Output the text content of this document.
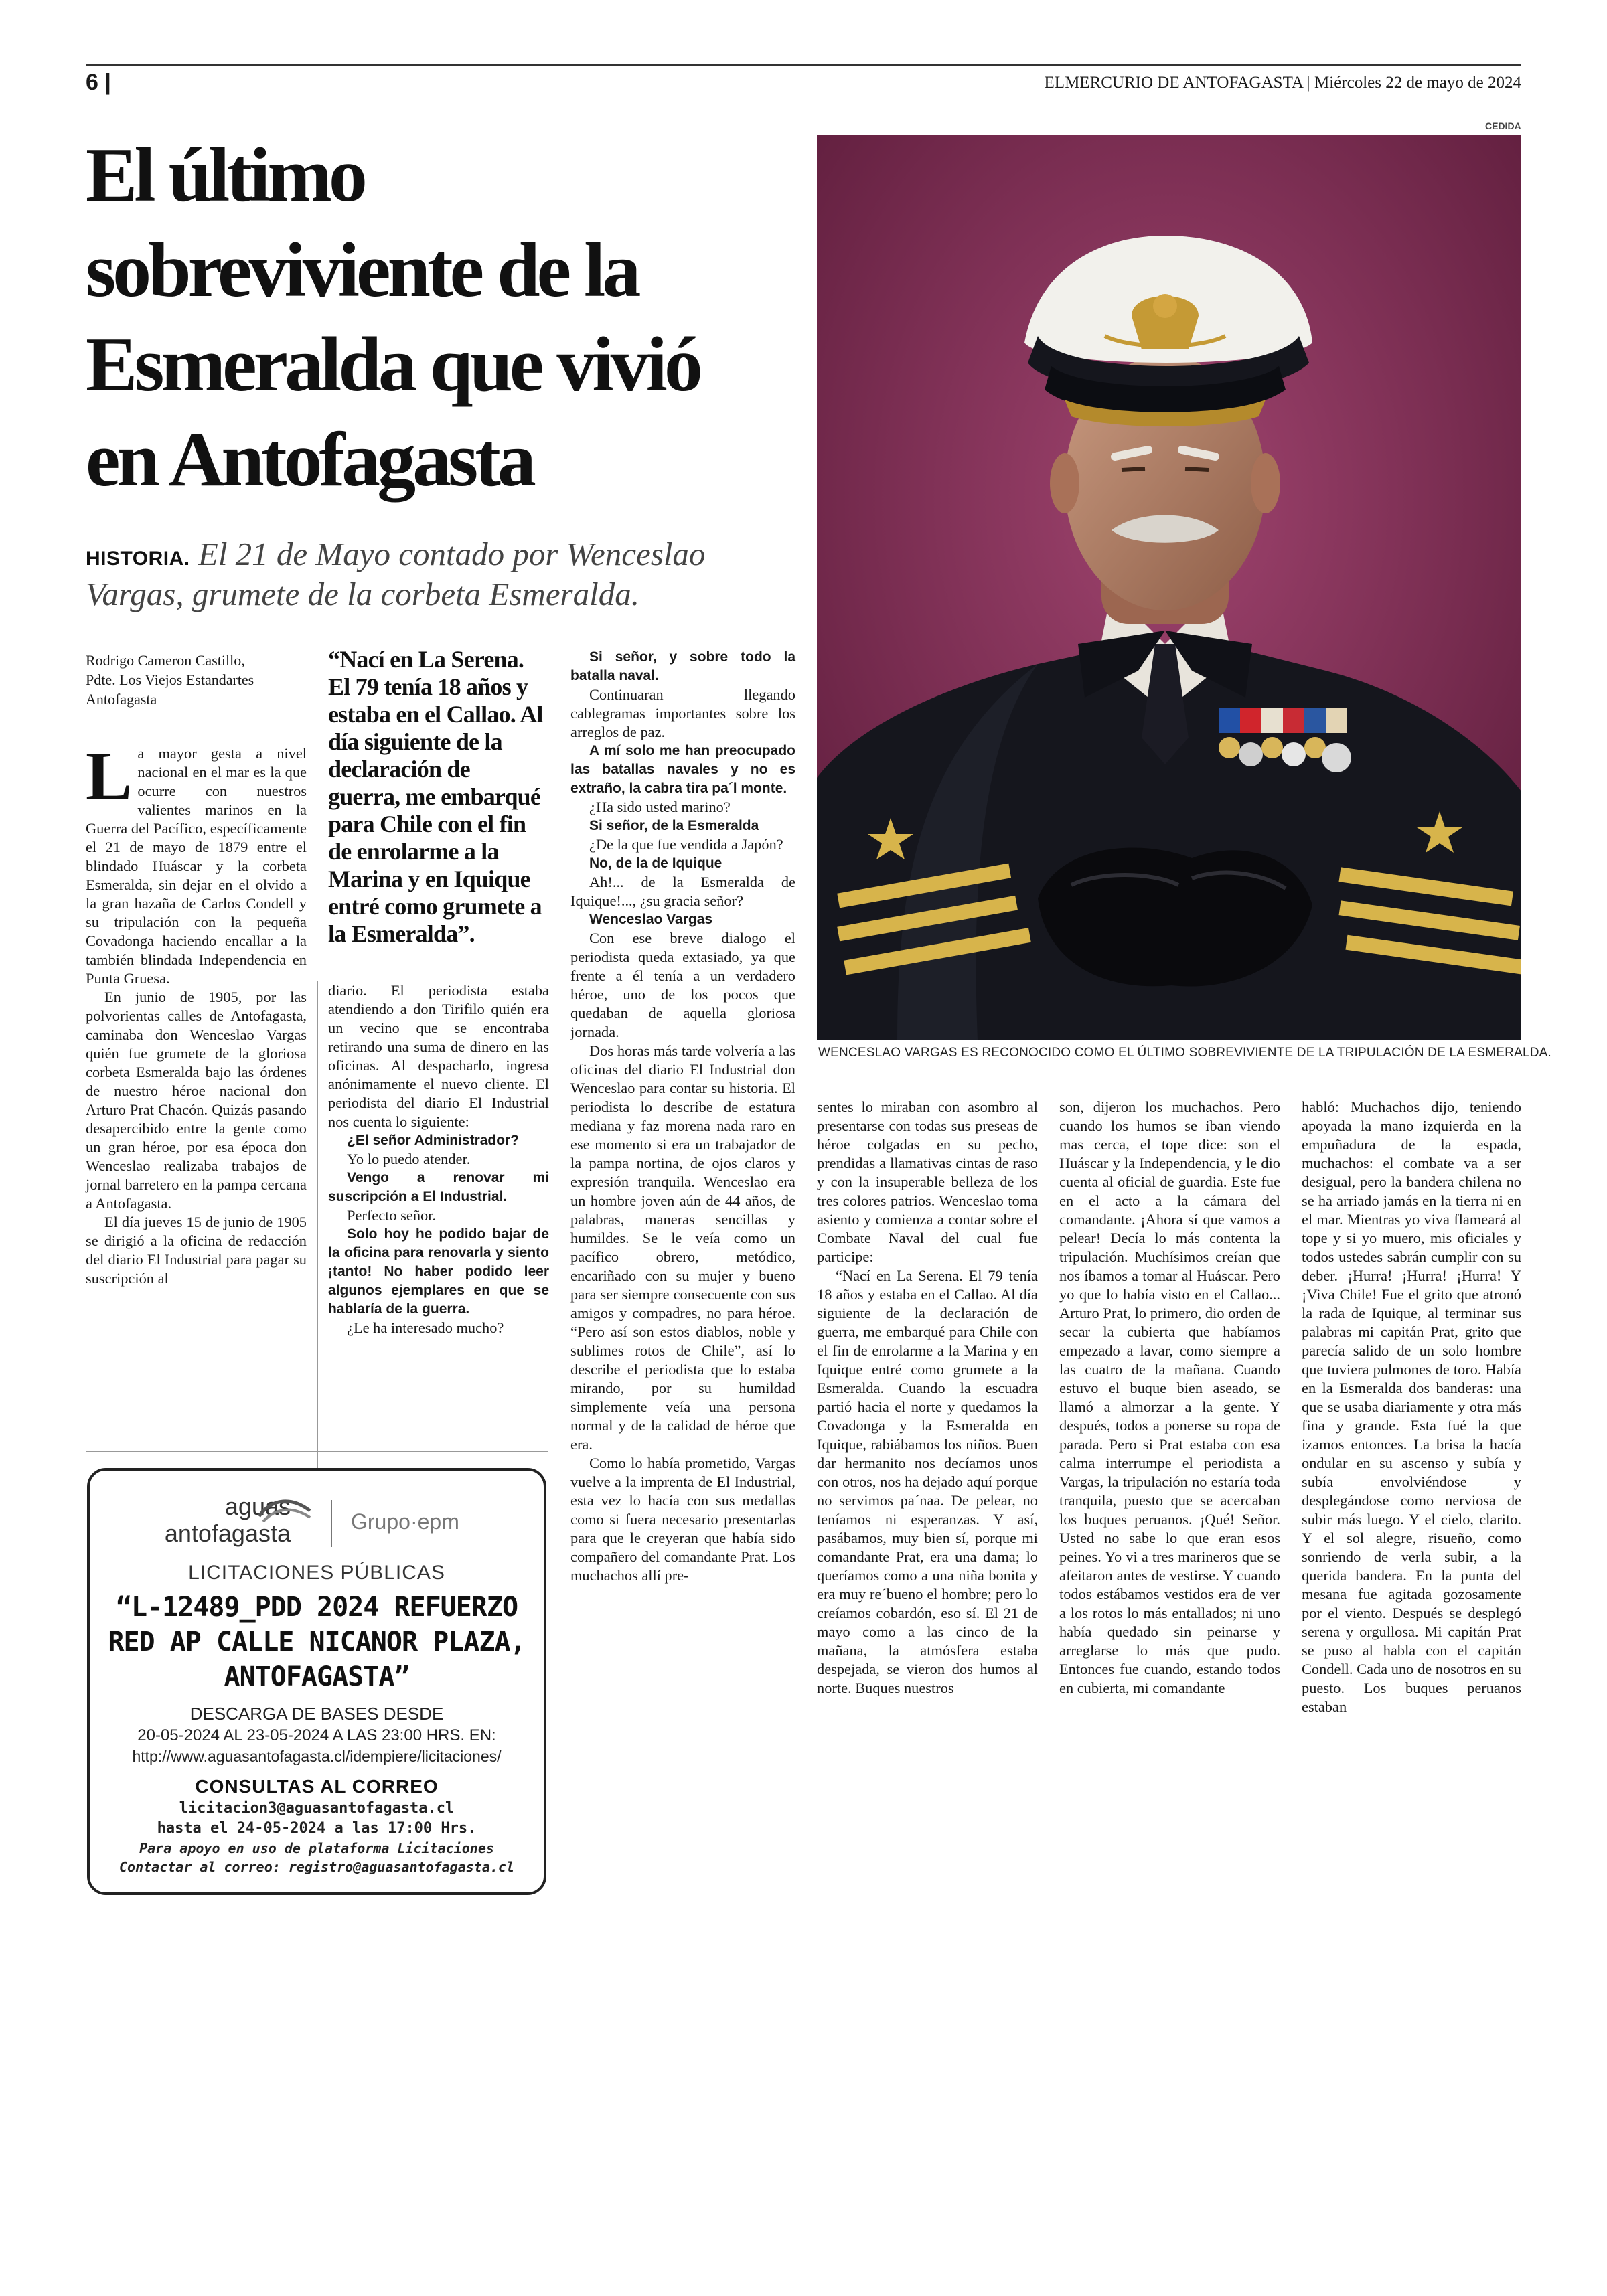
6 |	ELMERCURIO DE ANTOFAGASTA | Miércoles 22 de mayo de 2024
El último
sobreviviente de la
Esmeralda que vivió
en Antofagasta
HISTORIA. El 21 de Mayo contado por Wenceslao Vargas, grumete de la corbeta Esmeralda.
CEDIDA
WENCESLAO VARGAS ES RECONOCIDO COMO EL ÚLTIMO SOBREVIVIENTE DE LA TRIPULACIÓN DE LA ESMERALDA.
Rodrigo Cameron Castillo,
Pdte. Los Viejos Estandartes Antofagasta

La mayor gesta a nivel nacional en el mar es la que ocurre con nuestros valientes marinos en la Guerra del Pacífico, específicamente el 21 de mayo de 1879 entre el blindado Huáscar y la corbeta Esmeralda, sin dejar en el olvido a la gran hazaña de Carlos Condell y su tripulación con la pequeña Covadonga haciendo encallar a la también blindada Independencia en Punta Gruesa.

En junio de 1905, por las polvorientas calles de Antofagasta, caminaba don Wenceslao Vargas quién fue grumete de la gloriosa corbeta Esmeralda bajo las órdenes de nuestro héroe nacional don Arturo Prat Chacón. Quizás pasando desapercibido entre la gente como un gran héroe, por esa época don Wenceslao realizaba trabajos de jornal barretero en la pampa cercana a Antofagasta.

El día jueves 15 de junio de 1905 se dirigió a la oficina de redacción del diario El Industrial para pagar su suscripción al

“Nací en La Serena. El 79 tenía 18 años y estaba en el Callao. Al día siguiente de la declaración de guerra, me embarqué para Chile con el fin de enrolarme a la Marina y en Iquique entré como grumete a la Esmeralda”.

diario. El periodista estaba atendiendo a don Tirifilo quién era un vecino que se encontraba retirando una suma de dinero en las oficinas. Al despacharlo, ingresa anónimamente el nuevo cliente. El periodista del diario El Industrial nos cuenta lo siguiente:

¿El señor Administrador?

Yo lo puedo atender.

Vengo a renovar mi suscripción a El Industrial.

Perfecto señor.

Solo hoy he podido bajar de la oficina para renovarla y siento ¡tanto! No haber podido leer algunos ejemplares en que se hablaría de la guerra.

¿Le ha interesado mucho?

Si señor, y sobre todo la batalla naval.

Continuaran llegando cablegramas importantes sobre los arreglos de paz.

A mí solo me han preocupado las batallas navales y no es extraño, la cabra tira pa´l monte.

¿Ha sido usted marino?

Si señor, de la Esmeralda

¿De la que fue vendida a Japón?

No, de la de Iquique

Ah!... de la Esmeralda de Iquique!..., ¿su gracia señor?

Wenceslao Vargas

Con ese breve dialogo el periodista queda extasiado, ya que frente a él tenía a un verdadero héroe, uno de los pocos que quedaban de aquella gloriosa jornada.

Dos horas más tarde volvería a las oficinas del diario El Industrial don Wenceslao para contar su historia. El periodista lo describe de estatura mediana y faz morena nada raro en ese momento si era un trabajador de la pampa nortina, de ojos claros y expresión tranquila. Wenceslao era un hombre joven aún de 44 años, de palabras, maneras sencillas y humildes. Se le veía como un pacífico obrero, metódico, encariñado con su mujer y bueno para ser siempre consecuente con sus amigos y compadres, no para héroe. “Pero así son estos diablos, noble y sublimes rotos de Chile”, así lo describe el periodista que lo estaba mirando, por su humildad simplemente veía una persona normal y de la calidad de héroe que era.

Como lo había prometido, Vargas vuelve a la imprenta de El Industrial, esta vez lo hacía con sus medallas como si fuera necesario presentarlas para que le creyeran que había sido compañero del comandante Prat. Los muchachos allí pre-

sentes lo miraban con asombro al presentarse con todas sus preseas de héroe colgadas en su pecho, prendidas a llamativas cintas de raso y con la insuperable belleza de los tres colores patrios. Wenceslao toma asiento y comienza a contar sobre el Combate Naval del cual fue participe:

“Nací en La Serena. El 79 tenía 18 años y estaba en el Callao. Al día siguiente de la declaración de guerra, me embarqué para Chile con el fin de enrolarme a la Marina y en Iquique entré como grumete a la Esmeralda. Cuando la escuadra partió hacia el norte y quedamos la Covadonga y la Esmeralda en Iquique, rabiábamos los niños. Buen dar hermanito nos decíamos unos con otros, nos ha dejado aquí porque no servimos pa´naa. De pelear, no teníamos ni esperanzas. Y así, pasábamos, muy bien sí, porque mi comandante Prat, era una dama; lo queríamos como a una niña bonita y era muy re´bueno el hombre; pero lo creíamos cobardón, eso sí. El 21 de mayo como a las cinco de la mañana, la atmósfera estaba despejada, se vieron dos humos al norte. Buques nuestros

son, dijeron los muchachos. Pero cuando los humos se iban viendo mas cerca, el tope dice: son el Huáscar y la Independencia, y le dio cuenta al oficial de guardia. Este fue en el acto a la cámara del comandante. ¡Ahora sí que vamos a pelear! Decía lo más contenta la tripulación. Muchísimos creían que nos íbamos a tomar al Huáscar. Pero yo que lo había visto en el Callao... Arturo Prat, lo primero, dio orden de secar la cubierta que habíamos empezado a lavar, como siempre a las cuatro de la mañana. Cuando estuvo el buque bien aseado, se llamó a almorzar a la gente. Y después, todos a ponerse su ropa de parada. Pero si Prat estaba con esa calma interrumpe el periodista a Vargas, la tripulación no estaría toda tranquila, puesto que se acercaban los buques peruanos. ¡Qué! Señor. Usted no sabe lo que eran esos peines. Yo vi a tres marineros que se afeitaron antes de vestirse. Y cuando todos estábamos vestidos era de ver a los rotos lo más entallados; ni uno había quedado sin peinarse y arreglarse lo más que pudo. Entonces fue cuando, estando todos en cubierta, mi comandante

habló: Muchachos dijo, teniendo apoyada la mano izquierda en la empuñadura de la espada, muchachos: el combate va a ser desigual, pero la bandera chilena no se ha arriado jamás en la tierra ni en el mar. Mientras yo viva flameará al tope y si yo muero, mis oficiales y todos ustedes sabrán cumplir con su deber. ¡Hurra! ¡Hurra! ¡Hurra! Y ¡Viva Chile! Fue el grito que atronó la rada de Iquique, al terminar sus palabras mi capitán Prat, grito que parecía salido de un solo hombre que tuviera pulmones de toro. Había en la Esmeralda dos banderas: una que se usaba diariamente y otra más fina y grande. Esta fué la que izamos entonces. La brisa la hacía ondular en su ascenso y subía y subía envolviéndose y desplegándose como nerviosa de subir más luego. Y el cielo, clarito. Y el sol alegre, risueño, como sonriendo de verla subir, a la querida bandera. En la punta del mesana fue agitada gozosamente por el viento. Después se desplegó serena y orgullosa. Mi capitán Prat se puso al habla con el capitán Condell. Cada uno de nosotros en su puesto. Los buques peruanos estaban

aguas
antofagasta	Grupo·epm
LICITACIONES PÚBLICAS
“L-12489_PDD 2024 REFUERZO
RED AP CALLE NICANOR PLAZA,
ANTOFAGASTA”
DESCARGA DE BASES DESDE
20-05-2024 AL 23-05-2024 A LAS 23:00 HRS. EN:
http://www.aguasantofagasta.cl/idempiere/licitaciones/
CONSULTAS AL CORREO
licitacion3@aguasantofagasta.cl
hasta el 24-05-2024 a las 17:00 Hrs.
Para apoyo en uso de plataforma Licitaciones
Contactar al correo: registro@aguasantofagasta.cl
